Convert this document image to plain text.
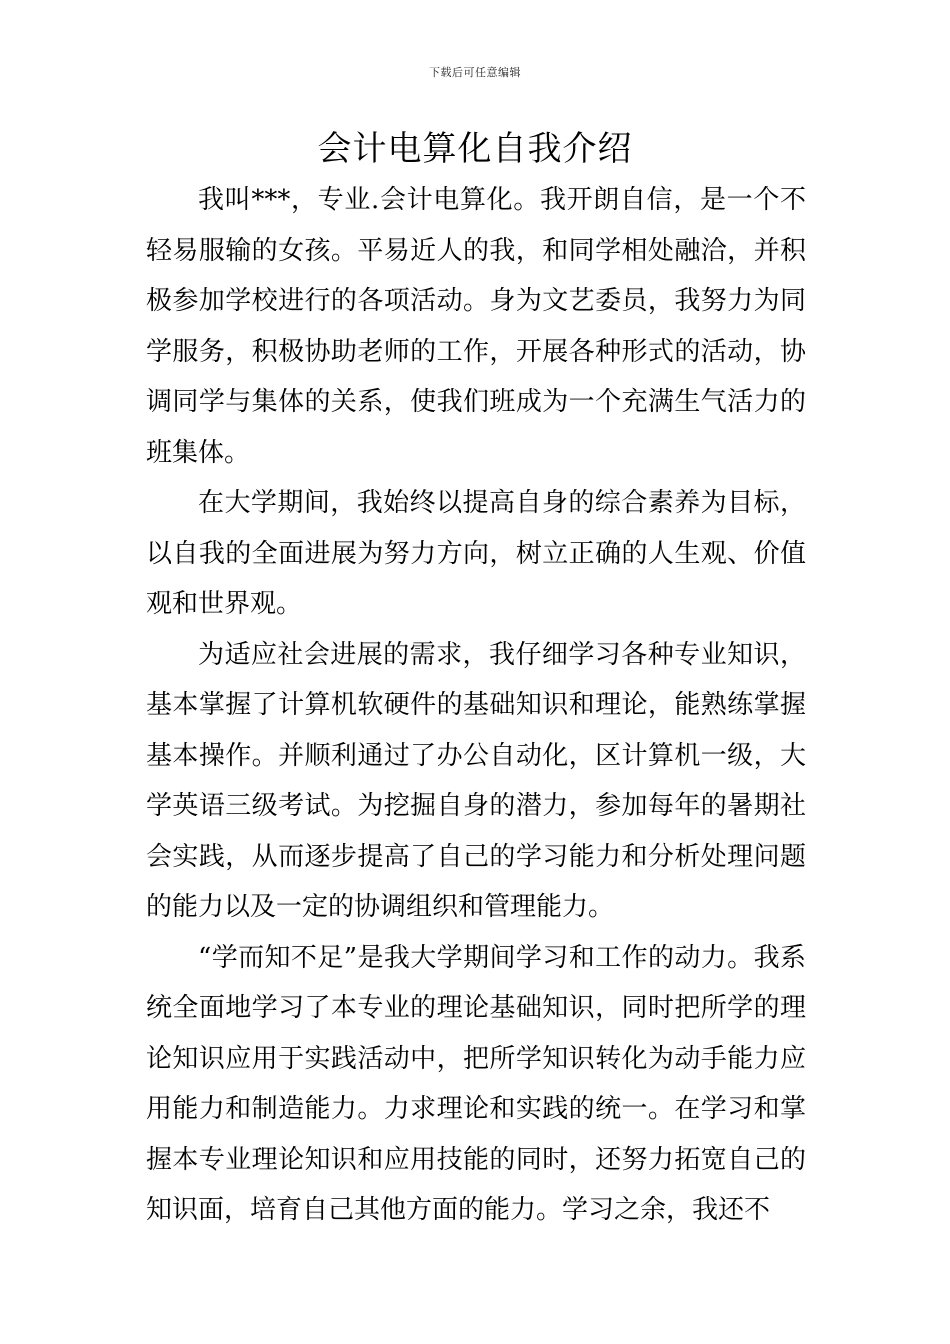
下载后可任意编辑
会计电算化自我介绍

我叫***，专业.会计电算化。我开朗自信，是一个不轻易服输的女孩。平易近人的我，和同学相处融洽，并积极参加学校进行的各项活动。身为文艺委员，我努力为同学服务，积极协助老师的工作，开展各种形式的活动，协调同学与集体的关系，使我们班成为一个充满生气活力的班集体。

在大学期间，我始终以提高自身的综合素养为目标，以自我的全面进展为努力方向，树立正确的人生观、价值观和世界观。

为适应社会进展的需求，我仔细学习各种专业知识，基本掌握了计算机软硬件的基础知识和理论，能熟练掌握基本操作。并顺利通过了办公自动化，区计算机一级，大学英语三级考试。为挖掘自身的潜力，参加每年的暑期社会实践，从而逐步提高了自己的学习能力和分析处理问题的能力以及一定的协调组织和管理能力。

“学而知不足”是我大学期间学习和工作的动力。我系统全面地学习了本专业的理论基础知识，同时把所学的理论知识应用于实践活动中，把所学知识转化为动手能力应用能力和制造能力。力求理论和实践的统一。在学习和掌握本专业理论知识和应用技能的同时，还努力拓宽自己的知识面，培育自己其他方面的能力。学习之余，我还不
